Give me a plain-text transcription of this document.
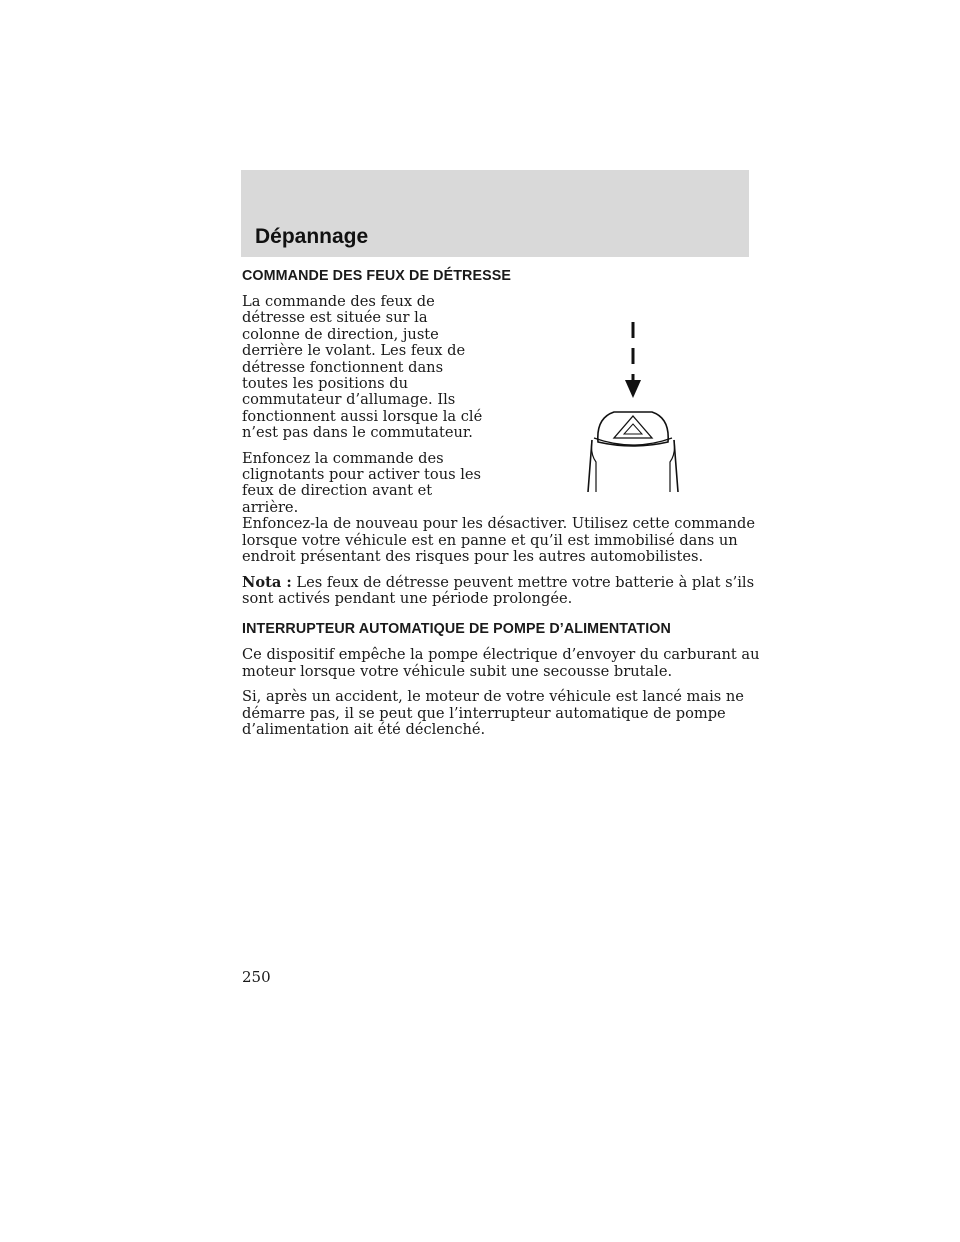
Dépannage
COMMANDE DES FEUX DE DÉTRESSE

La commande des feux de détresse est située sur la colonne de direction, juste derrière le volant. Les feux de détresse fonctionnent dans toutes les positions du commutateur d’allumage. Ils fonctionnent aussi lorsque la clé n’est pas dans le commutateur.

Enfoncez la commande des clignotants pour activer tous les feux de direction avant et arrière.

Enfoncez-la de nouveau pour les désactiver. Utilisez cette commande lorsque votre véhicule est en panne et qu’il est immobilisé dans un endroit présentant des risques pour les autres automobilistes.

Nota : Les feux de détresse peuvent mettre votre batterie à plat s’ils sont activés pendant une période prolongée.

INTERRUPTEUR AUTOMATIQUE DE POMPE D’ALIMENTATION

Ce dispositif empêche la pompe électrique d’envoyer du carburant au moteur lorsque votre véhicule subit une secousse brutale.

Si, après un accident, le moteur de votre véhicule est lancé mais ne démarre pas, il se peut que l’interrupteur automatique de pompe d’alimentation ait été déclenché.

250
